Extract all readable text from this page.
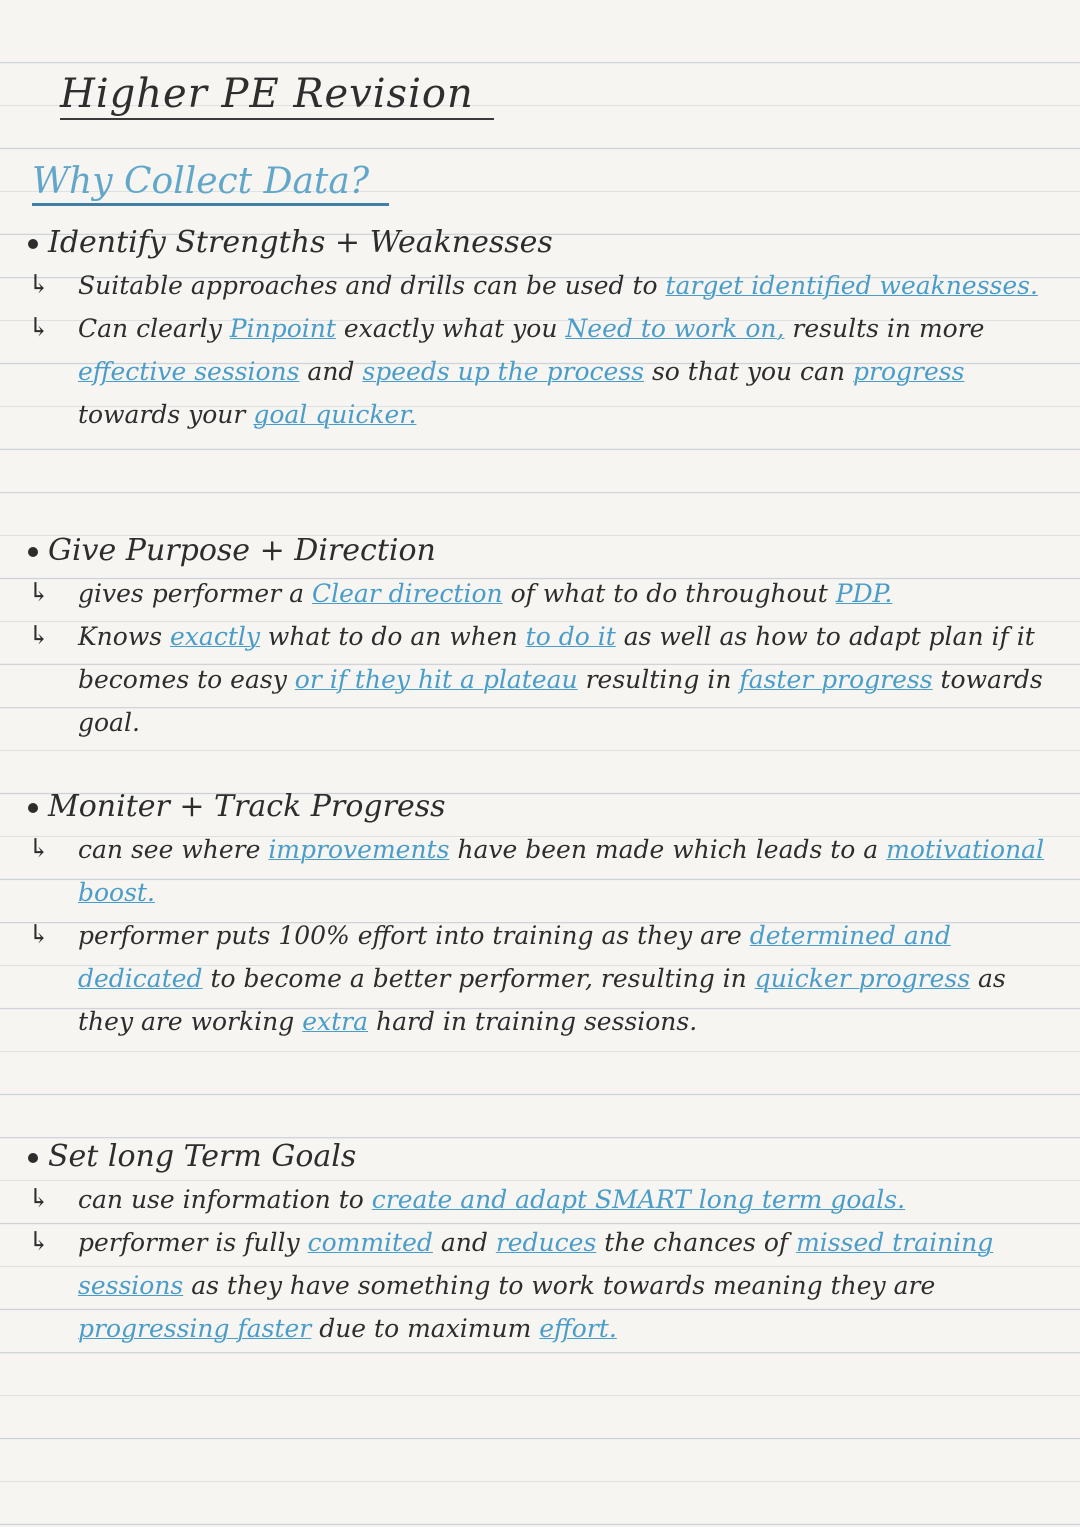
Higher PE Revision
Why Collect Data?
Identify Strengths + Weaknesses
↳ Suitable approaches and drills can be used to target identified weaknesses.
↳ Can clearly Pinpoint exactly what you Need to work on, results in more effective sessions and speeds up the process so that you can progress towards your goal quicker.
Give Purpose + Direction
↳ gives performer a Clear direction of what to do throughout PDP.
↳ Knows exactly what to do an when to do it as well as how to adapt plan if it becomes to easy or if they hit a plateau resulting in faster progress towards goal.
Moniter + Track Progress
↳ can see where improvements have been made which leads to a motivational boost.
↳ performer puts 100% effort into training as they are determined and dedicated to become a better performer, resulting in quicker progress as they are working extra hard in training sessions.
Set long Term Goals
↳ can use information to create and adapt SMART long term goals.
↳ performer is fully commited and reduces the chances of missed training sessions as they have something to work towards meaning they are progressing faster due to maximum effort.
